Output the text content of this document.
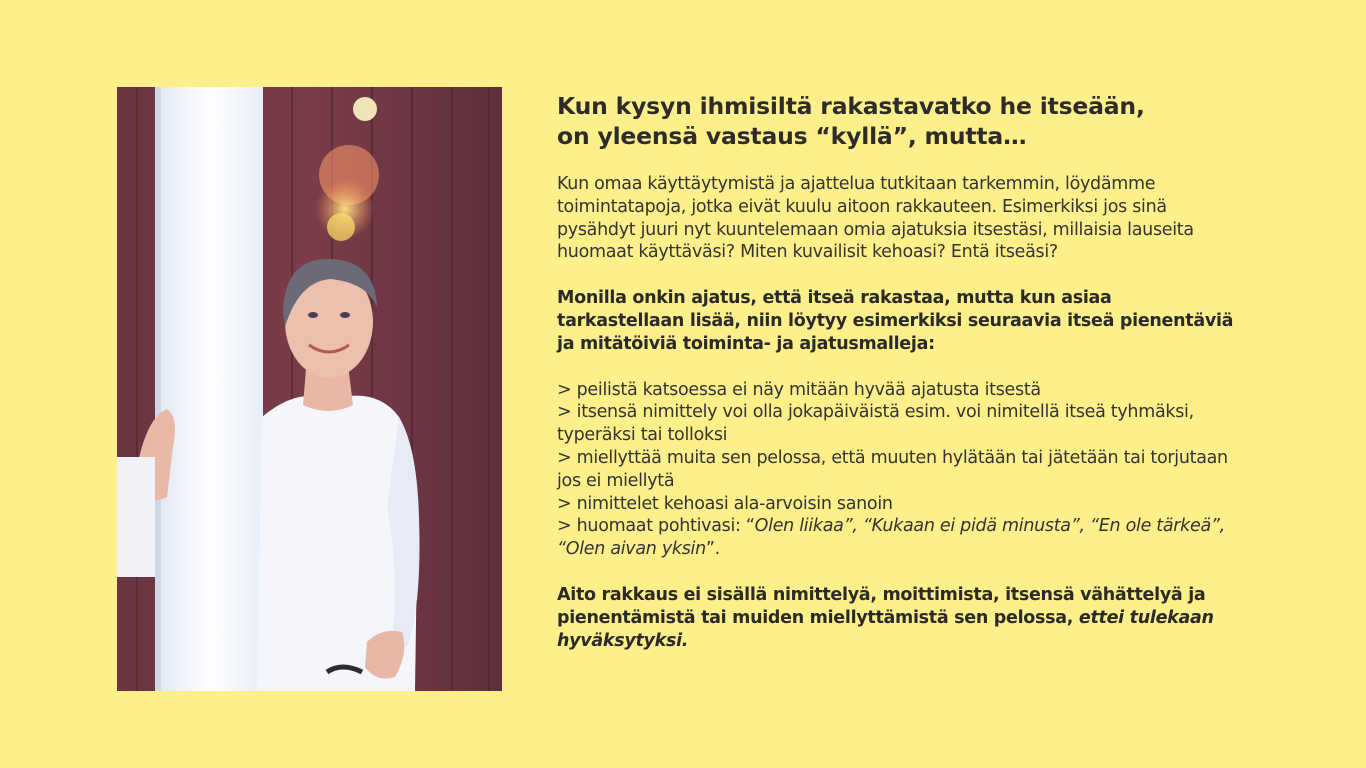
Kun kysyn ihmisiltä rakastavatko he itseään,
on yleensä vastaus “kyllä”, mutta…

Kun omaa käyttäytymistä ja ajattelua tutkitaan tarkemmin, löydämme toimintatapoja, jotka eivät kuulu aitoon rakkauteen. Esimerkiksi jos sinä pysähdyt juuri nyt kuuntelemaan omia ajatuksia itsestäsi, millaisia lauseita huomaat käyttäväsi? Miten kuvailisit kehoasi? Entä itseäsi?

Monilla onkin ajatus, että itseä rakastaa, mutta kun asiaa tarkastellaan lisää, niin löytyy esimerkiksi seuraavia itseä pienentäviä ja mitätöiviä toiminta- ja ajatusmalleja:

> peilistä katsoessa ei näy mitään hyvää ajatusta itsestä
> itsensä nimittely voi olla jokapäiväistä esim. voi nimitellä itseä tyhmäksi, typeräksi tai tolloksi
> miellyttää muita sen pelossa, että muuten hylätään tai jätetään tai torjutaan jos ei miellytä
> nimittelet kehoasi ala-arvoisin sanoin
> huomaat pohtivasi: “Olen liikaa”, “Kukaan ei pidä minusta”, “En ole tärkeä”, “Olen aivan yksin”.

Aito rakkaus ei sisällä nimittelyä, moittimista, itsensä vähättelyä ja pienentämistä tai muiden miellyttämistä sen pelossa, ettei tulekaan hyväksytyksi.
